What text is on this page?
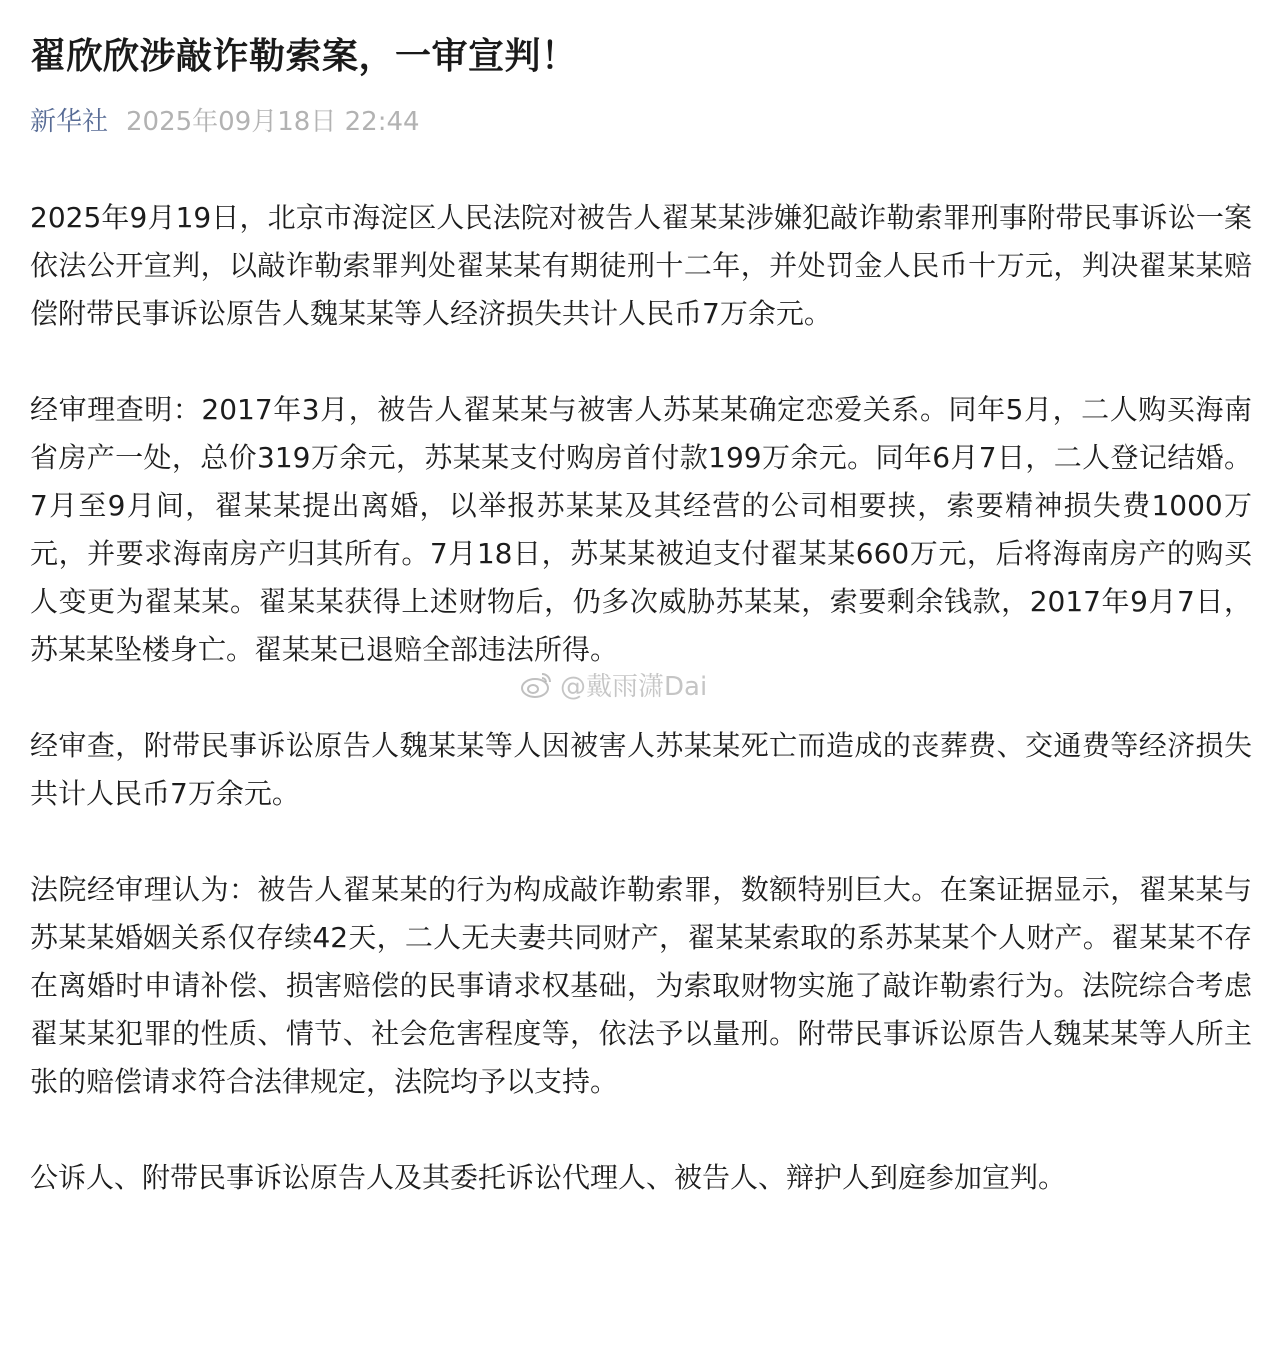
翟欣欣涉敲诈勒索案，一审宣判！
新华社 2025年09月18日 22:44

2025年9月19日，北京市海淀区人民法院对被告人翟某某涉嫌犯敲诈勒索罪刑事附带民事诉讼一案依法公开宣判，以敲诈勒索罪判处翟某某有期徒刑十二年，并处罚金人民币十万元，判决翟某某赔偿附带民事诉讼原告人魏某某等人经济损失共计人民币7万余元。

经审理查明：2017年3月，被告人翟某某与被害人苏某某确定恋爱关系。同年5月，二人购买海南省房产一处，总价319万余元，苏某某支付购房首付款199万余元。同年6月7日，二人登记结婚。7月至9月间，翟某某提出离婚，以举报苏某某及其经营的公司相要挟，索要精神损失费1000万元，并要求海南房产归其所有。7月18日，苏某某被迫支付翟某某660万元，后将海南房产的购买人变更为翟某某。翟某某获得上述财物后，仍多次威胁苏某某，索要剩余钱款，2017年9月7日，苏某某坠楼身亡。翟某某已退赔全部违法所得。

经审查，附带民事诉讼原告人魏某某等人因被害人苏某某死亡而造成的丧葬费、交通费等经济损失共计人民币7万余元。

法院经审理认为：被告人翟某某的行为构成敲诈勒索罪，数额特别巨大。在案证据显示，翟某某与苏某某婚姻关系仅存续42天，二人无夫妻共同财产，翟某某索取的系苏某某个人财产。翟某某不存在离婚时申请补偿、损害赔偿的民事请求权基础，为索取财物实施了敲诈勒索行为。法院综合考虑翟某某犯罪的性质、情节、社会危害程度等，依法予以量刑。附带民事诉讼原告人魏某某等人所主张的赔偿请求符合法律规定，法院均予以支持。

公诉人、附带民事诉讼原告人及其委托诉讼代理人、被告人、辩护人到庭参加宣判。

@戴雨潇Dai
